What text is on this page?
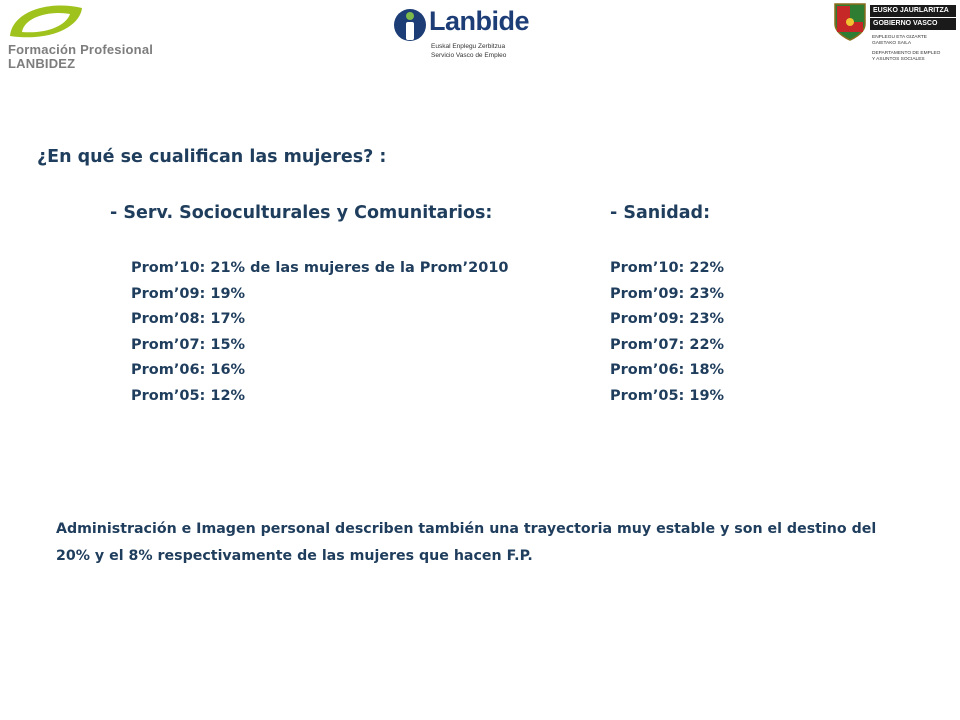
Formación Profesional
LANBIDEZ
Lanbide
Euskal Enplegu Zerbitzua
Servicio Vasco de Empleo
EUSKO JAURLARITZA
GOBIERNO VASCO
ENPLEGU ETA GIZARTE
GAIETAKO SAILA
DEPARTAMENTO DE EMPLEO
Y ASUNTOS SOCIALES
¿En qué se cualifican las mujeres? :
- Serv. Socioculturales y Comunitarios:	- Sanidad:
Prom’10: 21% de las mujeres de la Prom’2010
Prom’09: 19%
Prom’08: 17%
Prom’07: 15%
Prom’06: 16%
Prom’05: 12%
Prom’10: 22%
Prom’09: 23%
Prom’09: 23%
Prom’07: 22%
Prom’06: 18%
Prom’05: 19%
Administración e Imagen personal describen también una trayectoria muy estable y son el destino del 20% y el 8% respectivamente de las mujeres que hacen F.P.
